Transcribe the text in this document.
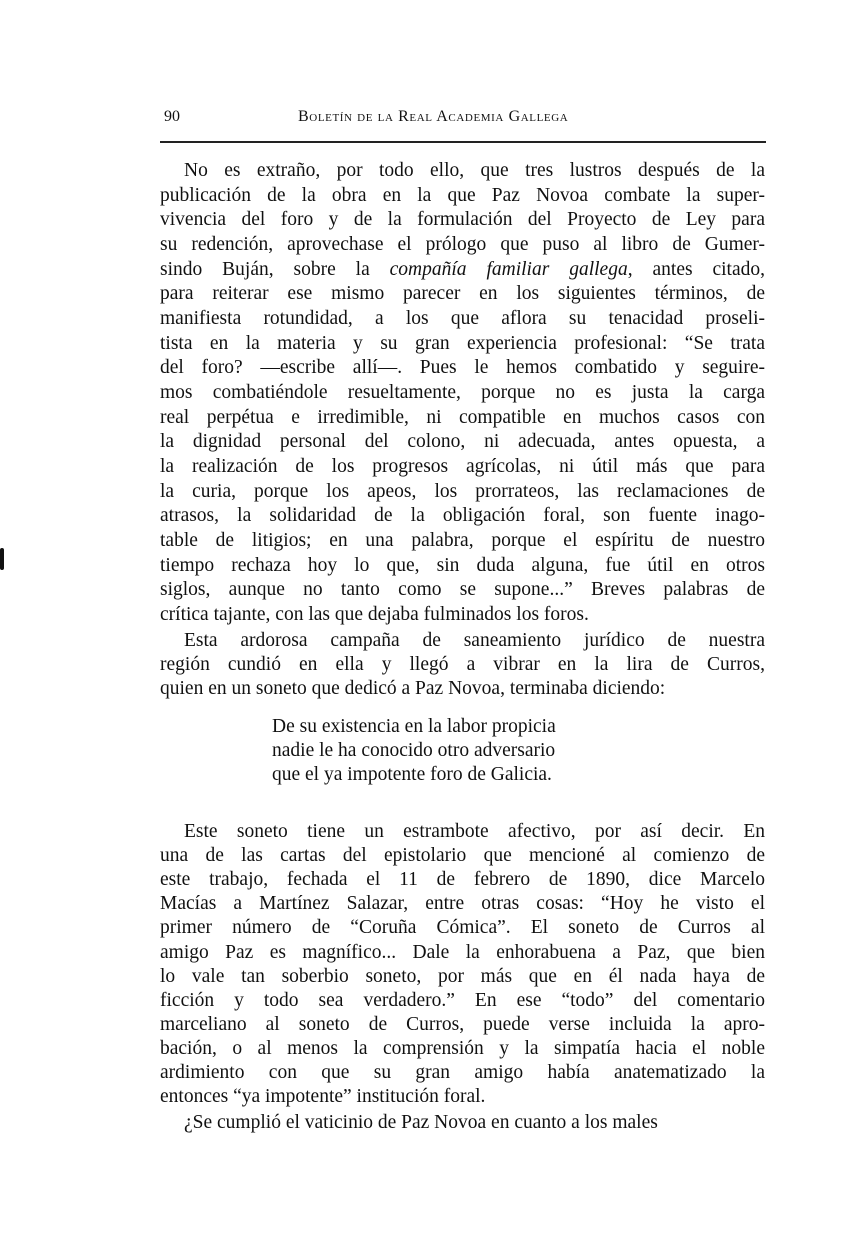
90	Boletín de la Real Academia Gallega
No es extraño, por todo ello, que tres lustros después de la
publicación de la obra en la que Paz Novoa combate la super-
vivencia del foro y de la formulación del Proyecto de Ley para
su redención, aprovechase el prólogo que puso al libro de Gumer-
sindo Buján, sobre la compañía familiar gallega, antes citado,
para reiterar ese mismo parecer en los siguientes términos, de
manifiesta rotundidad, a los que aflora su tenacidad proseli-
tista en la materia y su gran experiencia profesional: “Se trata
del foro? —escribe allí—. Pues le hemos combatido y seguire-
mos combatiéndole resueltamente, porque no es justa la carga
real perpétua e irredimible, ni compatible en muchos casos con
la dignidad personal del colono, ni adecuada, antes opuesta, a
la realización de los progresos agrícolas, ni útil más que para
la curia, porque los apeos, los prorrateos, las reclamaciones de
atrasos, la solidaridad de la obligación foral, son fuente inago-
table de litigios; en una palabra, porque el espíritu de nuestro
tiempo rechaza hoy lo que, sin duda alguna, fue útil en otros
siglos, aunque no tanto como se supone...” Breves palabras de
crítica tajante, con las que dejaba fulminados los foros.
Esta ardorosa campaña de saneamiento jurídico de nuestra
región cundió en ella y llegó a vibrar en la lira de Curros,
quien en un soneto que dedicó a Paz Novoa, terminaba diciendo:
Este soneto tiene un estrambote afectivo, por así decir. En
una de las cartas del epistolario que mencioné al comienzo de
este trabajo, fechada el 11 de febrero de 1890, dice Marcelo
Macías a Martínez Salazar, entre otras cosas: “Hoy he visto el
primer número de “Coruña Cómica”. El soneto de Curros al
amigo Paz es magnífico... Dale la enhorabuena a Paz, que bien
lo vale tan soberbio soneto, por más que en él nada haya de
ficción y todo sea verdadero.” En ese “todo” del comentario
marceliano al soneto de Curros, puede verse incluida la apro-
bación, o al menos la comprensión y la simpatía hacia el noble
ardimiento con que su gran amigo había anatematizado la
entonces “ya impotente” institución foral.
¿Se cumplió el vaticinio de Paz Novoa en cuanto a los males
De su existencia en la labor propicia
nadie le ha conocido otro adversario
que el ya impotente foro de Galicia.
